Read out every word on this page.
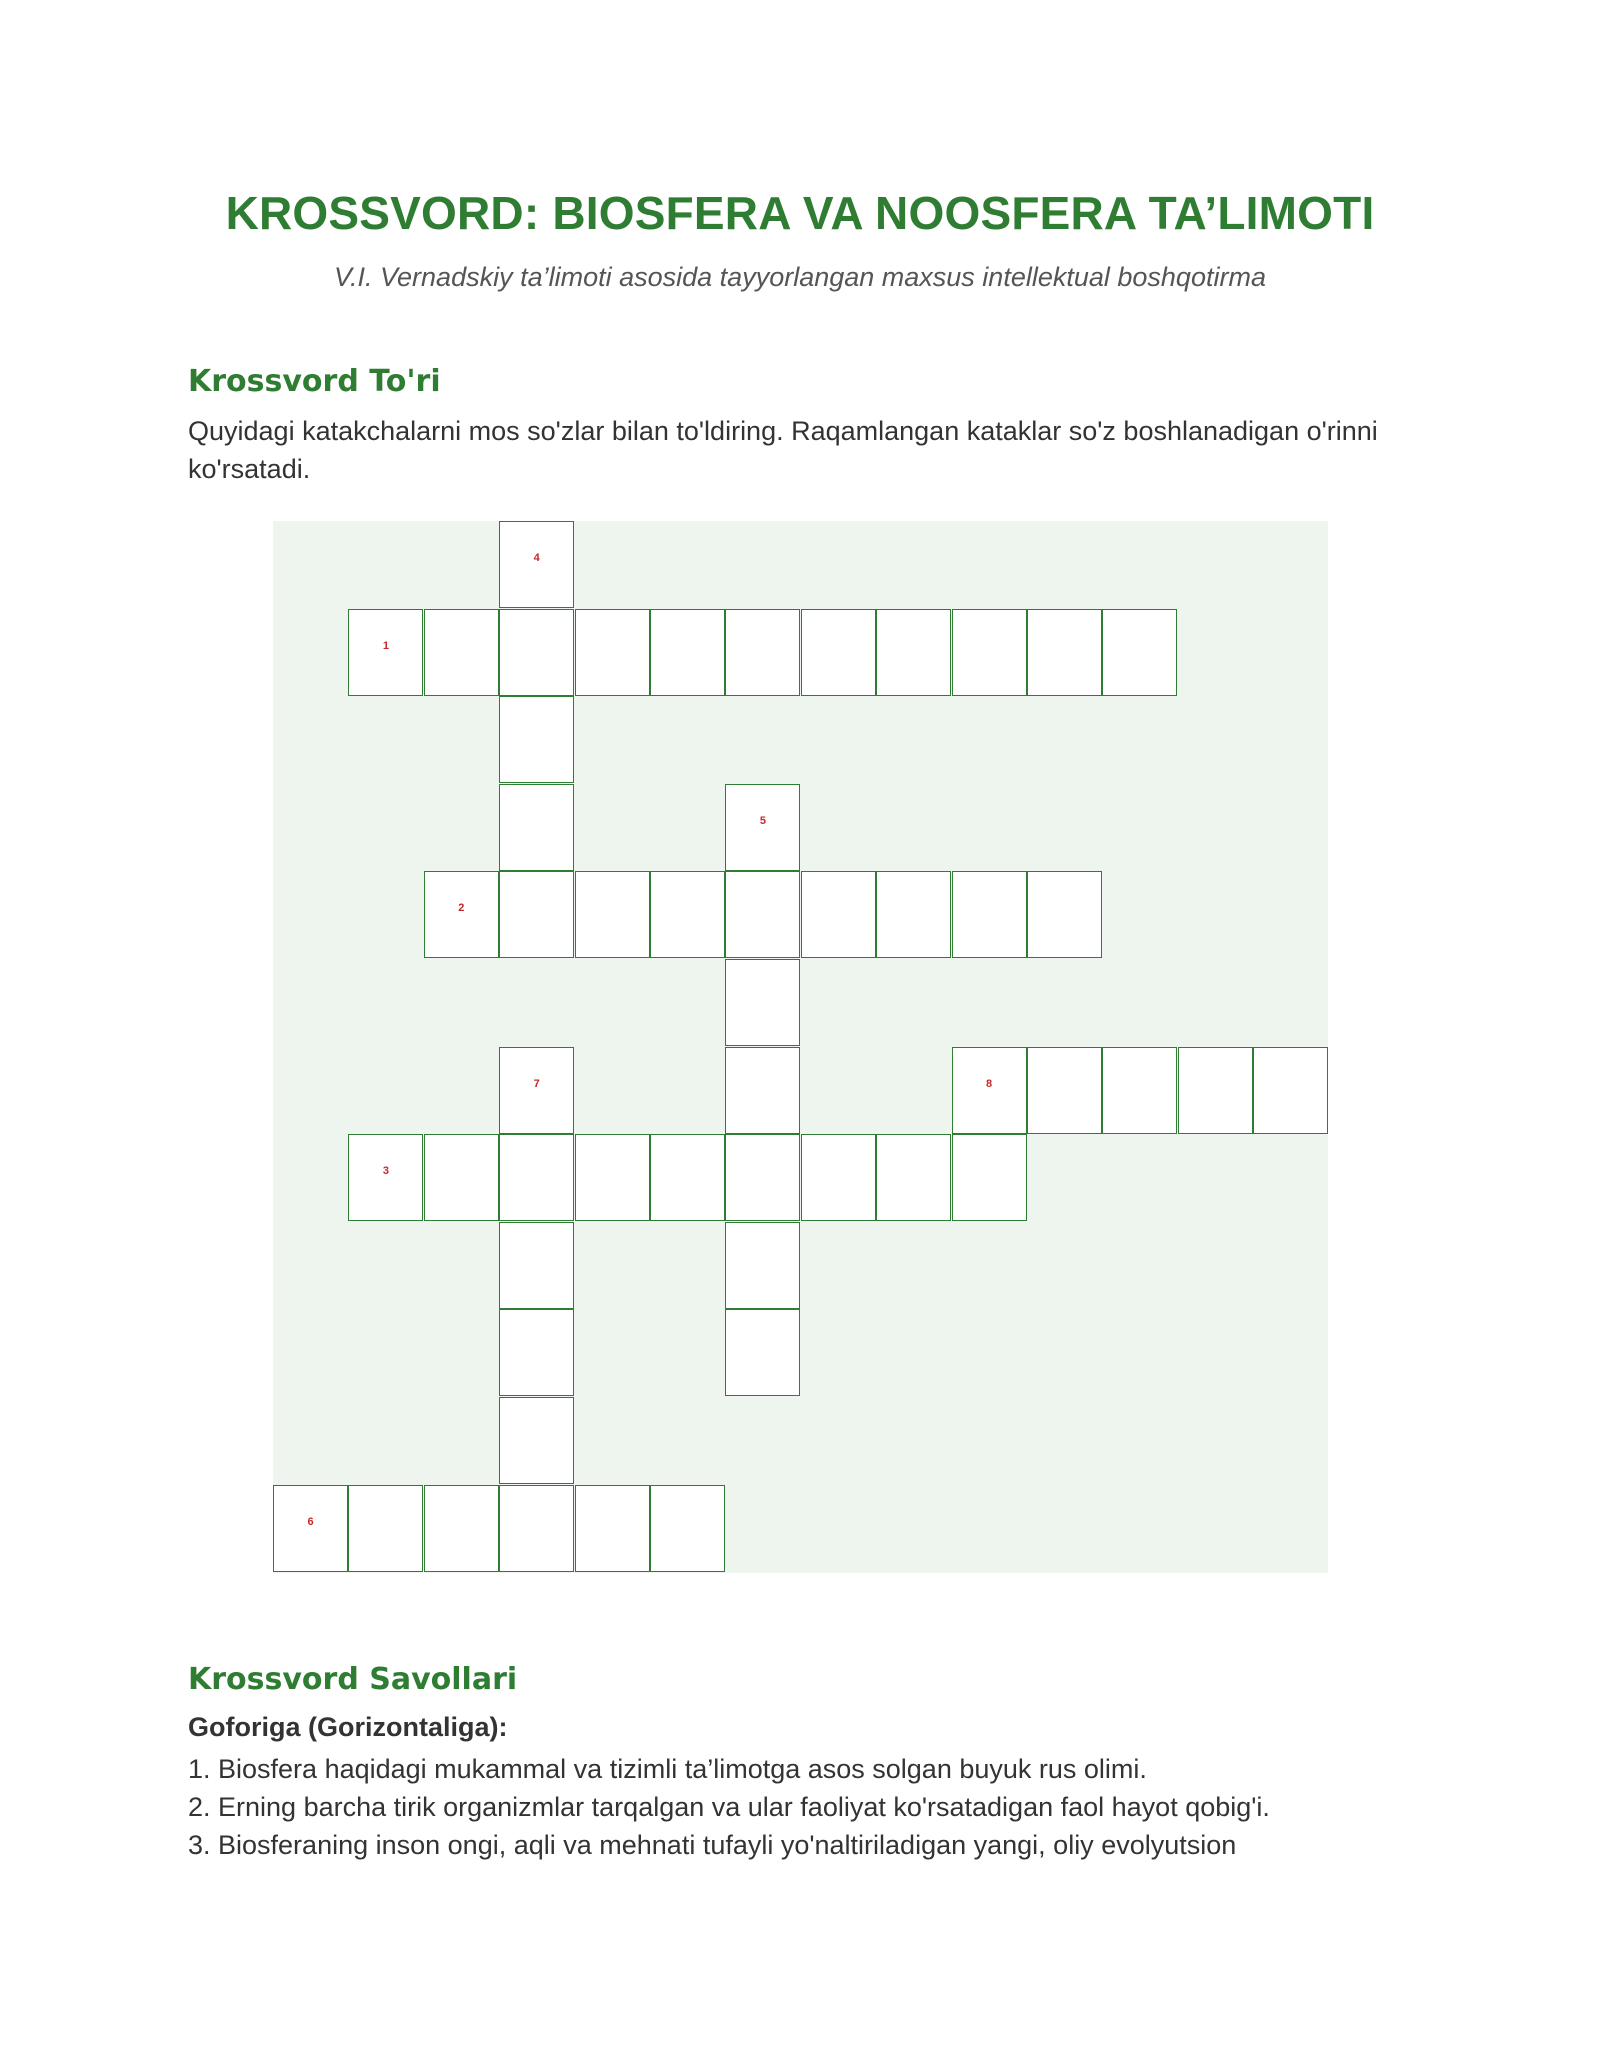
KROSSVORD: BIOSFERA VA NOOSFERA TA’LIMOTI

V.I. Vernadskiy ta’limoti asosida tayyorlangan maxsus intellektual boshqotirma

Krossvord To'ri

Quyidagi katakchalarni mos so'zlar bilan to'ldiring. Raqamlangan kataklar so'z boshlanadigan o'rinni ko'rsatadi.

1
2
3
4
5
6
7	8
Krossvord Savollari

Goforiga (Gorizontaliga):

1. Biosfera haqidagi mukammal va tizimli ta’limotga asos solgan buyuk rus olimi.
2. Erning barcha tirik organizmlar tarqalgan va ular faoliyat ko'rsatadigan faol hayot qobig'i.
3. Biosferaning inson ongi, aqli va mehnati tufayli yo'naltiriladigan yangi, oliy evolyutsion
